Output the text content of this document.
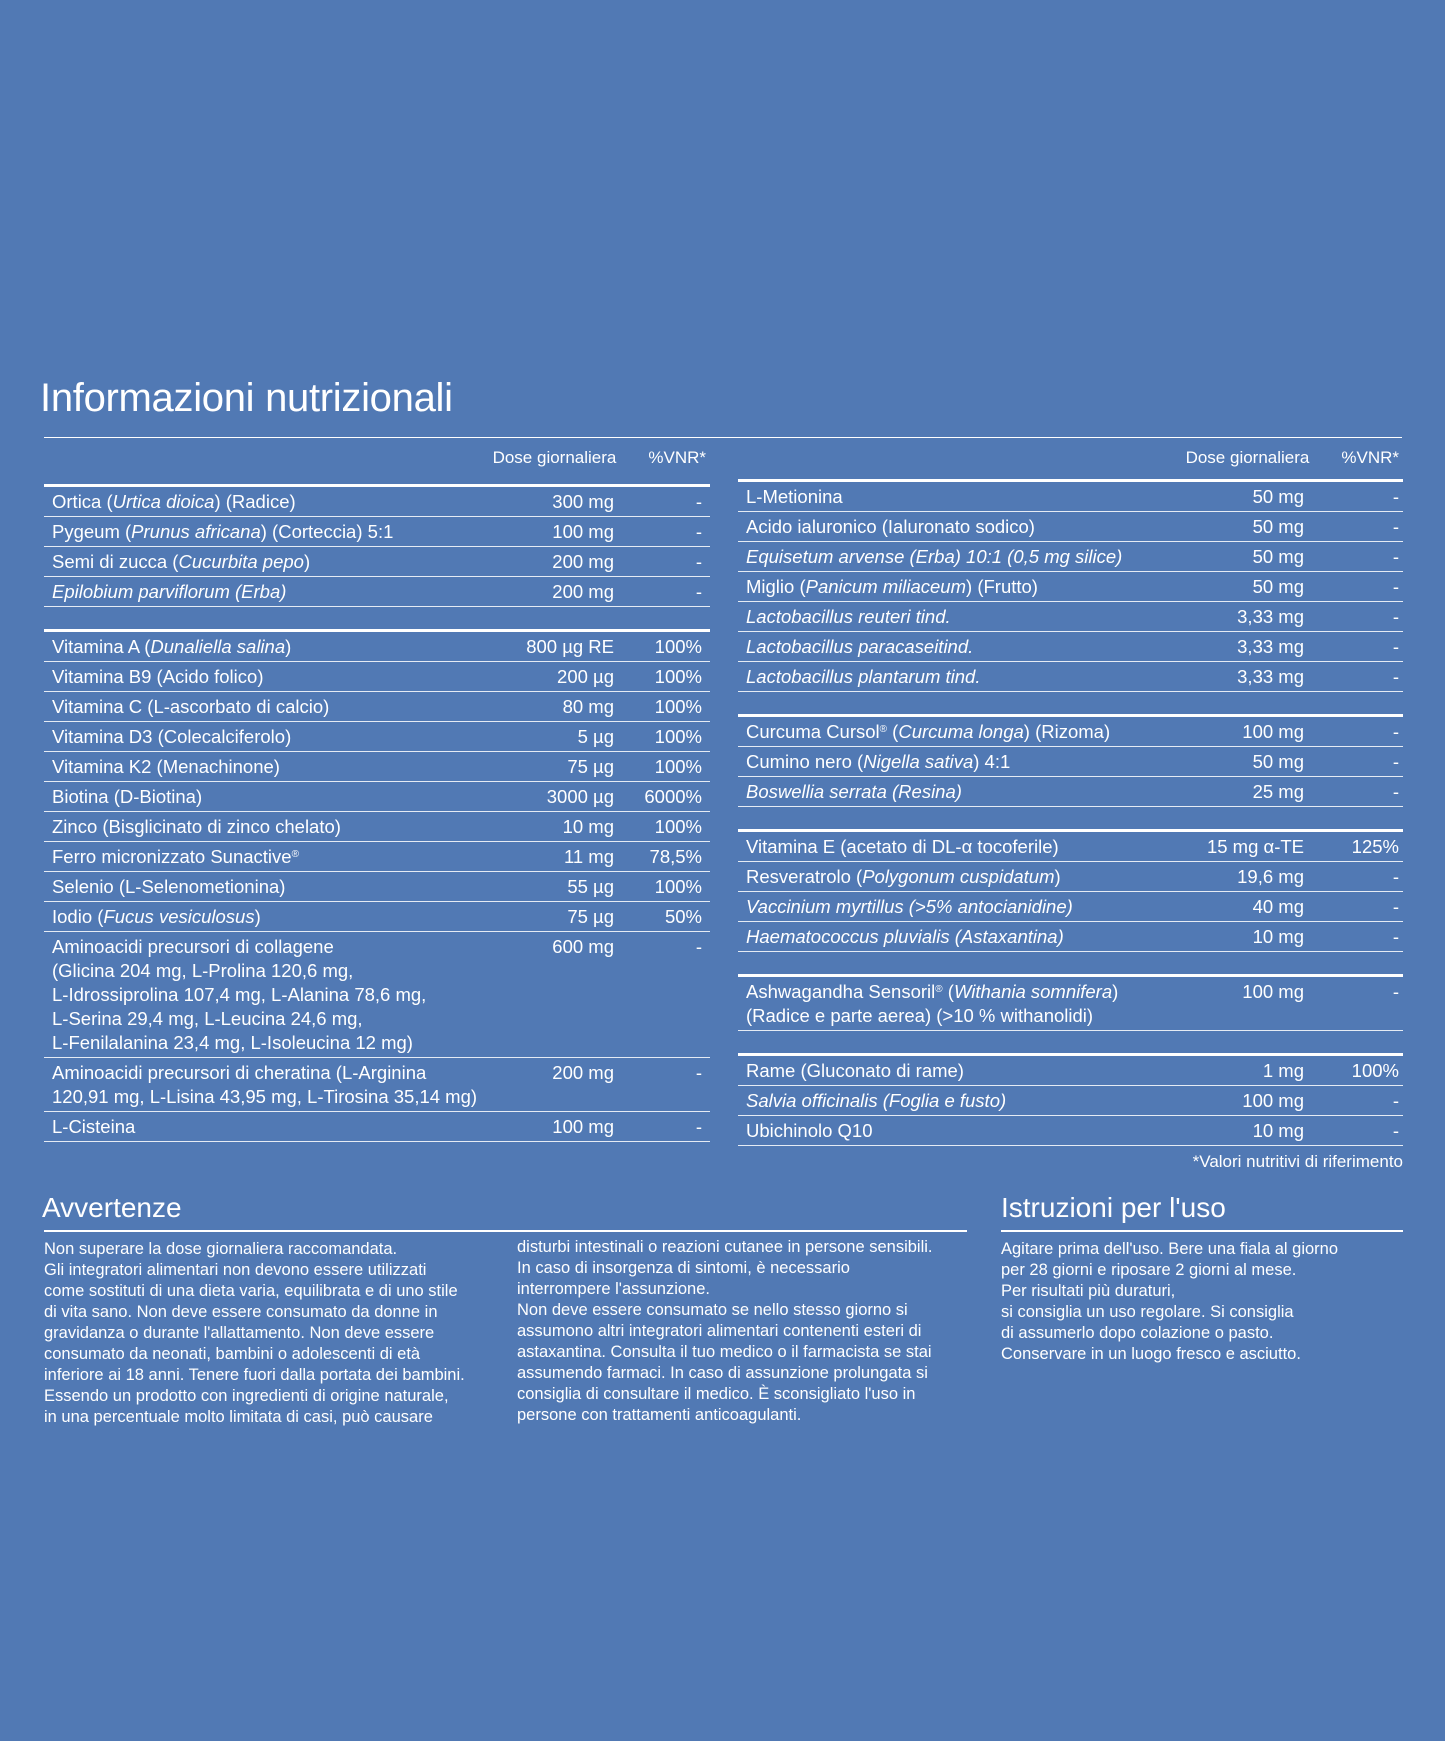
Informazioni nutrizionali
Dose giornaliera	%VNR*
Ortica (Urtica dioica) (Radice)	300 mg	-
Pygeum (Prunus africana) (Corteccia) 5:1	100 mg	-
Semi di zucca (Cucurbita pepo)	200 mg	-
Epilobium parviflorum (Erba)	200 mg	-
Vitamina A (Dunaliella salina)	800 µg RE	100%
Vitamina B9 (Acido folico)	200 µg	100%
Vitamina C (L-ascorbato di calcio)	80 mg	100%
Vitamina D3 (Colecalciferolo)	5 µg	100%
Vitamina K2 (Menachinone)	75 µg	100%
Biotina (D-Biotina)	3000 µg	6000%
Zinco (Bisglicinato di zinco chelato)	10 mg	100%
Ferro micronizzato Sunactive®	11 mg	78,5%
Selenio (L-Selenometionina)	55 µg	100%
Iodio (Fucus vesiculosus)	75 µg	50%
Aminoacidi precursori di collagene
(Glicina 204 mg, L-Prolina 120,6 mg,
L-Idrossiprolina 107,4 mg, L-Alanina 78,6 mg,
L-Serina 29,4 mg, L-Leucina 24,6 mg,
L-Fenilalanina 23,4 mg, L-Isoleucina 12 mg)
600 mg	-
Aminoacidi precursori di cheratina (L-Arginina
120,91 mg, L-Lisina 43,95 mg, L-Tirosina 35,14 mg)
200 mg	-
L-Cisteina	100 mg	-
Dose giornaliera	%VNR*
L-Metionina	50 mg	-
Acido ialuronico (Ialuronato sodico)	50 mg	-
Equisetum arvense (Erba) 10:1 (0,5 mg silice)	50 mg	-
Miglio (Panicum miliaceum) (Frutto)	50 mg	-
Lactobacillus reuteri tind.	3,33 mg	-
Lactobacillus paracaseitind.	3,33 mg	-
Lactobacillus plantarum tind.	3,33 mg	-
Curcuma Cursol® (Curcuma longa) (Rizoma)	100 mg	-
Cumino nero (Nigella sativa) 4:1	50 mg	-
Boswellia serrata (Resina)	25 mg	-
Vitamina E (acetato di DL-α tocoferile)	15 mg α-TE	125%
Resveratrolo (Polygonum cuspidatum)	19,6 mg	-
Vaccinium myrtillus (>5% antocianidine)	40 mg	-
Haematococcus pluvialis (Astaxantina)	10 mg	-
Ashwagandha Sensoril® (Withania somnifera)
(Radice e parte aerea) (>10 % withanolidi)
100 mg	-
Rame (Gluconato di rame)	1 mg	100%
Salvia officinalis (Foglia e fusto)	100 mg	-
Ubichinolo Q10	10 mg	-
*Valori nutritivi di riferimento
Avvertenze

Non superare la dose giornaliera raccomandata.
Gli integratori alimentari non devono essere utilizzati
come sostituti di una dieta varia, equilibrata e di uno stile
di vita sano. Non deve essere consumato da donne in
gravidanza o durante l'allattamento. Non deve essere
consumato da neonati, bambini o adolescenti di età
inferiore ai 18 anni. Tenere fuori dalla portata dei bambini.
Essendo un prodotto con ingredienti di origine naturale,
in una percentuale molto limitata di casi, può causare

disturbi intestinali o reazioni cutanee in persone sensibili.
In caso di insorgenza di sintomi, è necessario
interrompere l'assunzione.
Non deve essere consumato se nello stesso giorno si
assumono altri integratori alimentari contenenti esteri di
astaxantina. Consulta il tuo medico o il farmacista se stai
assumendo farmaci. In caso di assunzione prolungata si
consiglia di consultare il medico. È sconsigliato l'uso in
persone con trattamenti anticoagulanti.

Istruzioni per l'uso

Agitare prima dell'uso. Bere una fiala al giorno
per 28 giorni e riposare 2 giorni al mese.
Per risultati più duraturi,
si consiglia un uso regolare. Si consiglia
di assumerlo dopo colazione o pasto.
Conservare in un luogo fresco e asciutto.
